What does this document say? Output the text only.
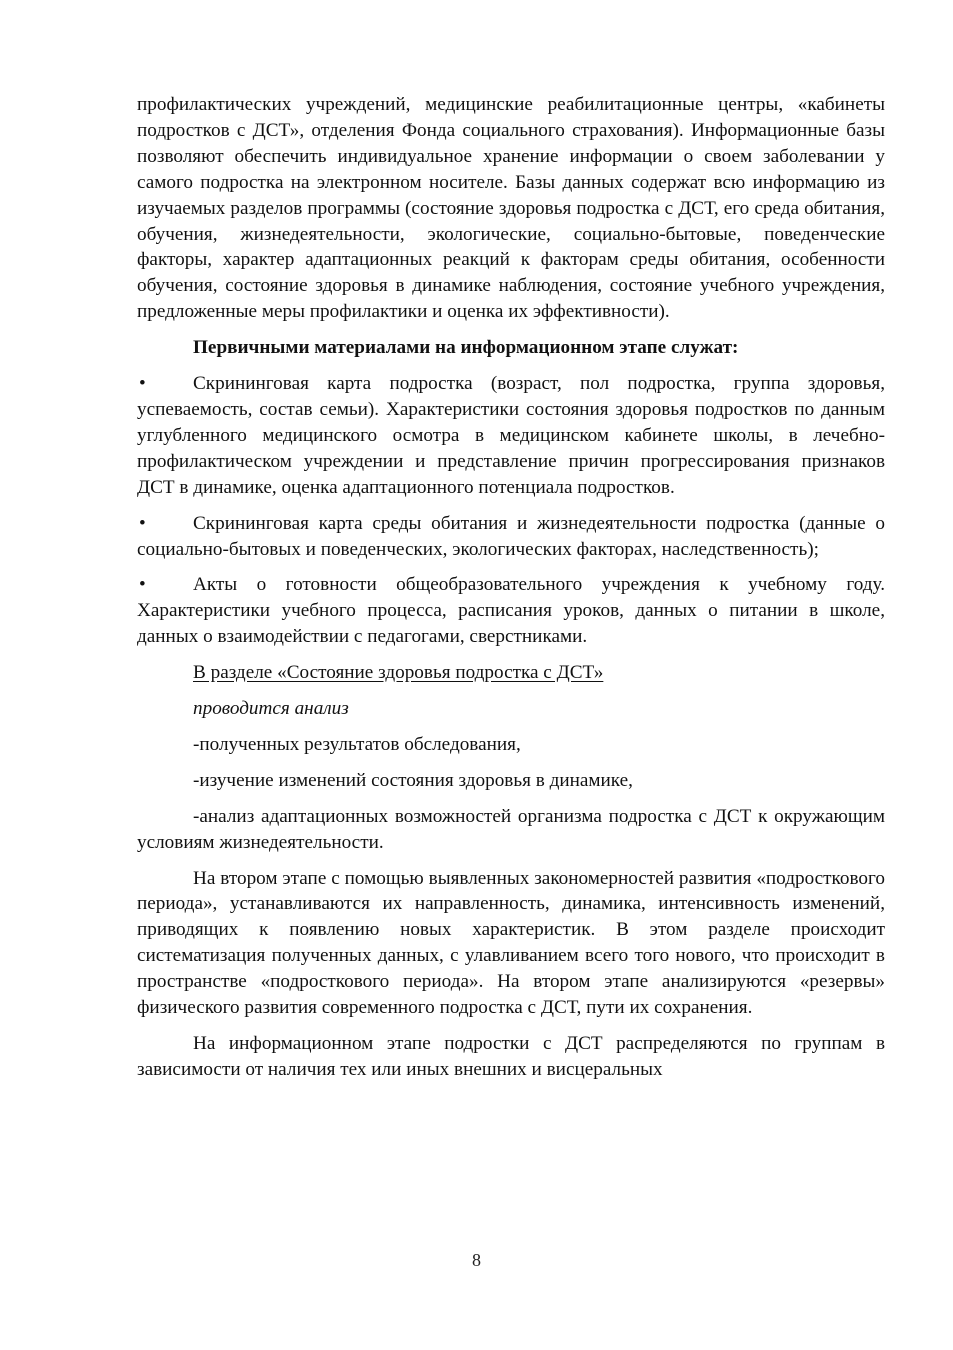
профилактических учреждений, медицинские реабилитационные центры, «кабинеты подростков с ДСТ», отделения Фонда социального страхования). Информационные базы позволяют обеспечить индивидуальное хранение информации о своем заболевании у самого подростка на электронном носителе. Базы данных содержат всю информацию из изучаемых разделов программы (состояние здоровья подростка с ДСТ, его среда обитания, обучения, жизнедеятельности, экологические, социально-бытовые, поведенческие факторы, характер адаптационных реакций к факторам среды обитания, особенности обучения, состояние здоровья в динамике наблюдения, состояние учебного учреждения, предложенные меры профилактики и оценка их эффективности).

Первичными материалами на информационном этапе служат:

•	Скрининговая карта подростка (возраст, пол подростка, группа здоровья, успеваемость, состав семьи). Характеристики состояния здоровья подростков по данным углубленного медицинского осмотра в медицинском кабинете школы, в лечебно-профилактическом учреждении и представление причин прогрессирования признаков ДСТ в динамике, оценка адаптационного потенциала подростков.

•	Скрининговая карта среды обитания и жизнедеятельности подростка (данные о социально-бытовых и поведенческих, экологических факторах, наследственность);

•	Акты о готовности общеобразовательного учреждения к учебному году. Характеристики учебного процесса, расписания уроков, данных о питании в школе, данных о взаимодействии с педагогами, сверстниками.

В разделе «Состояние здоровья подростка с ДСТ»

проводится анализ

-полученных результатов обследования,

-изучение изменений состояния здоровья в динамике,

-анализ адаптационных возможностей организма подростка с ДСТ к окружающим условиям жизнедеятельности.

На втором этапе с помощью выявленных закономерностей развития «подросткового периода», устанавливаются их направленность, динамика, интенсивность изменений, приводящих к появлению новых характеристик. В этом разделе происходит систематизация полученных данных, с улавливанием всего того нового, что происходит в пространстве «подросткового периода». На втором этапе анализируются «резервы» физического развития современного подростка с ДСТ, пути их сохранения.

На информационном этапе подростки с ДСТ распределяются по группам в зависимости от наличия тех или иных внешних и висцеральных

8
